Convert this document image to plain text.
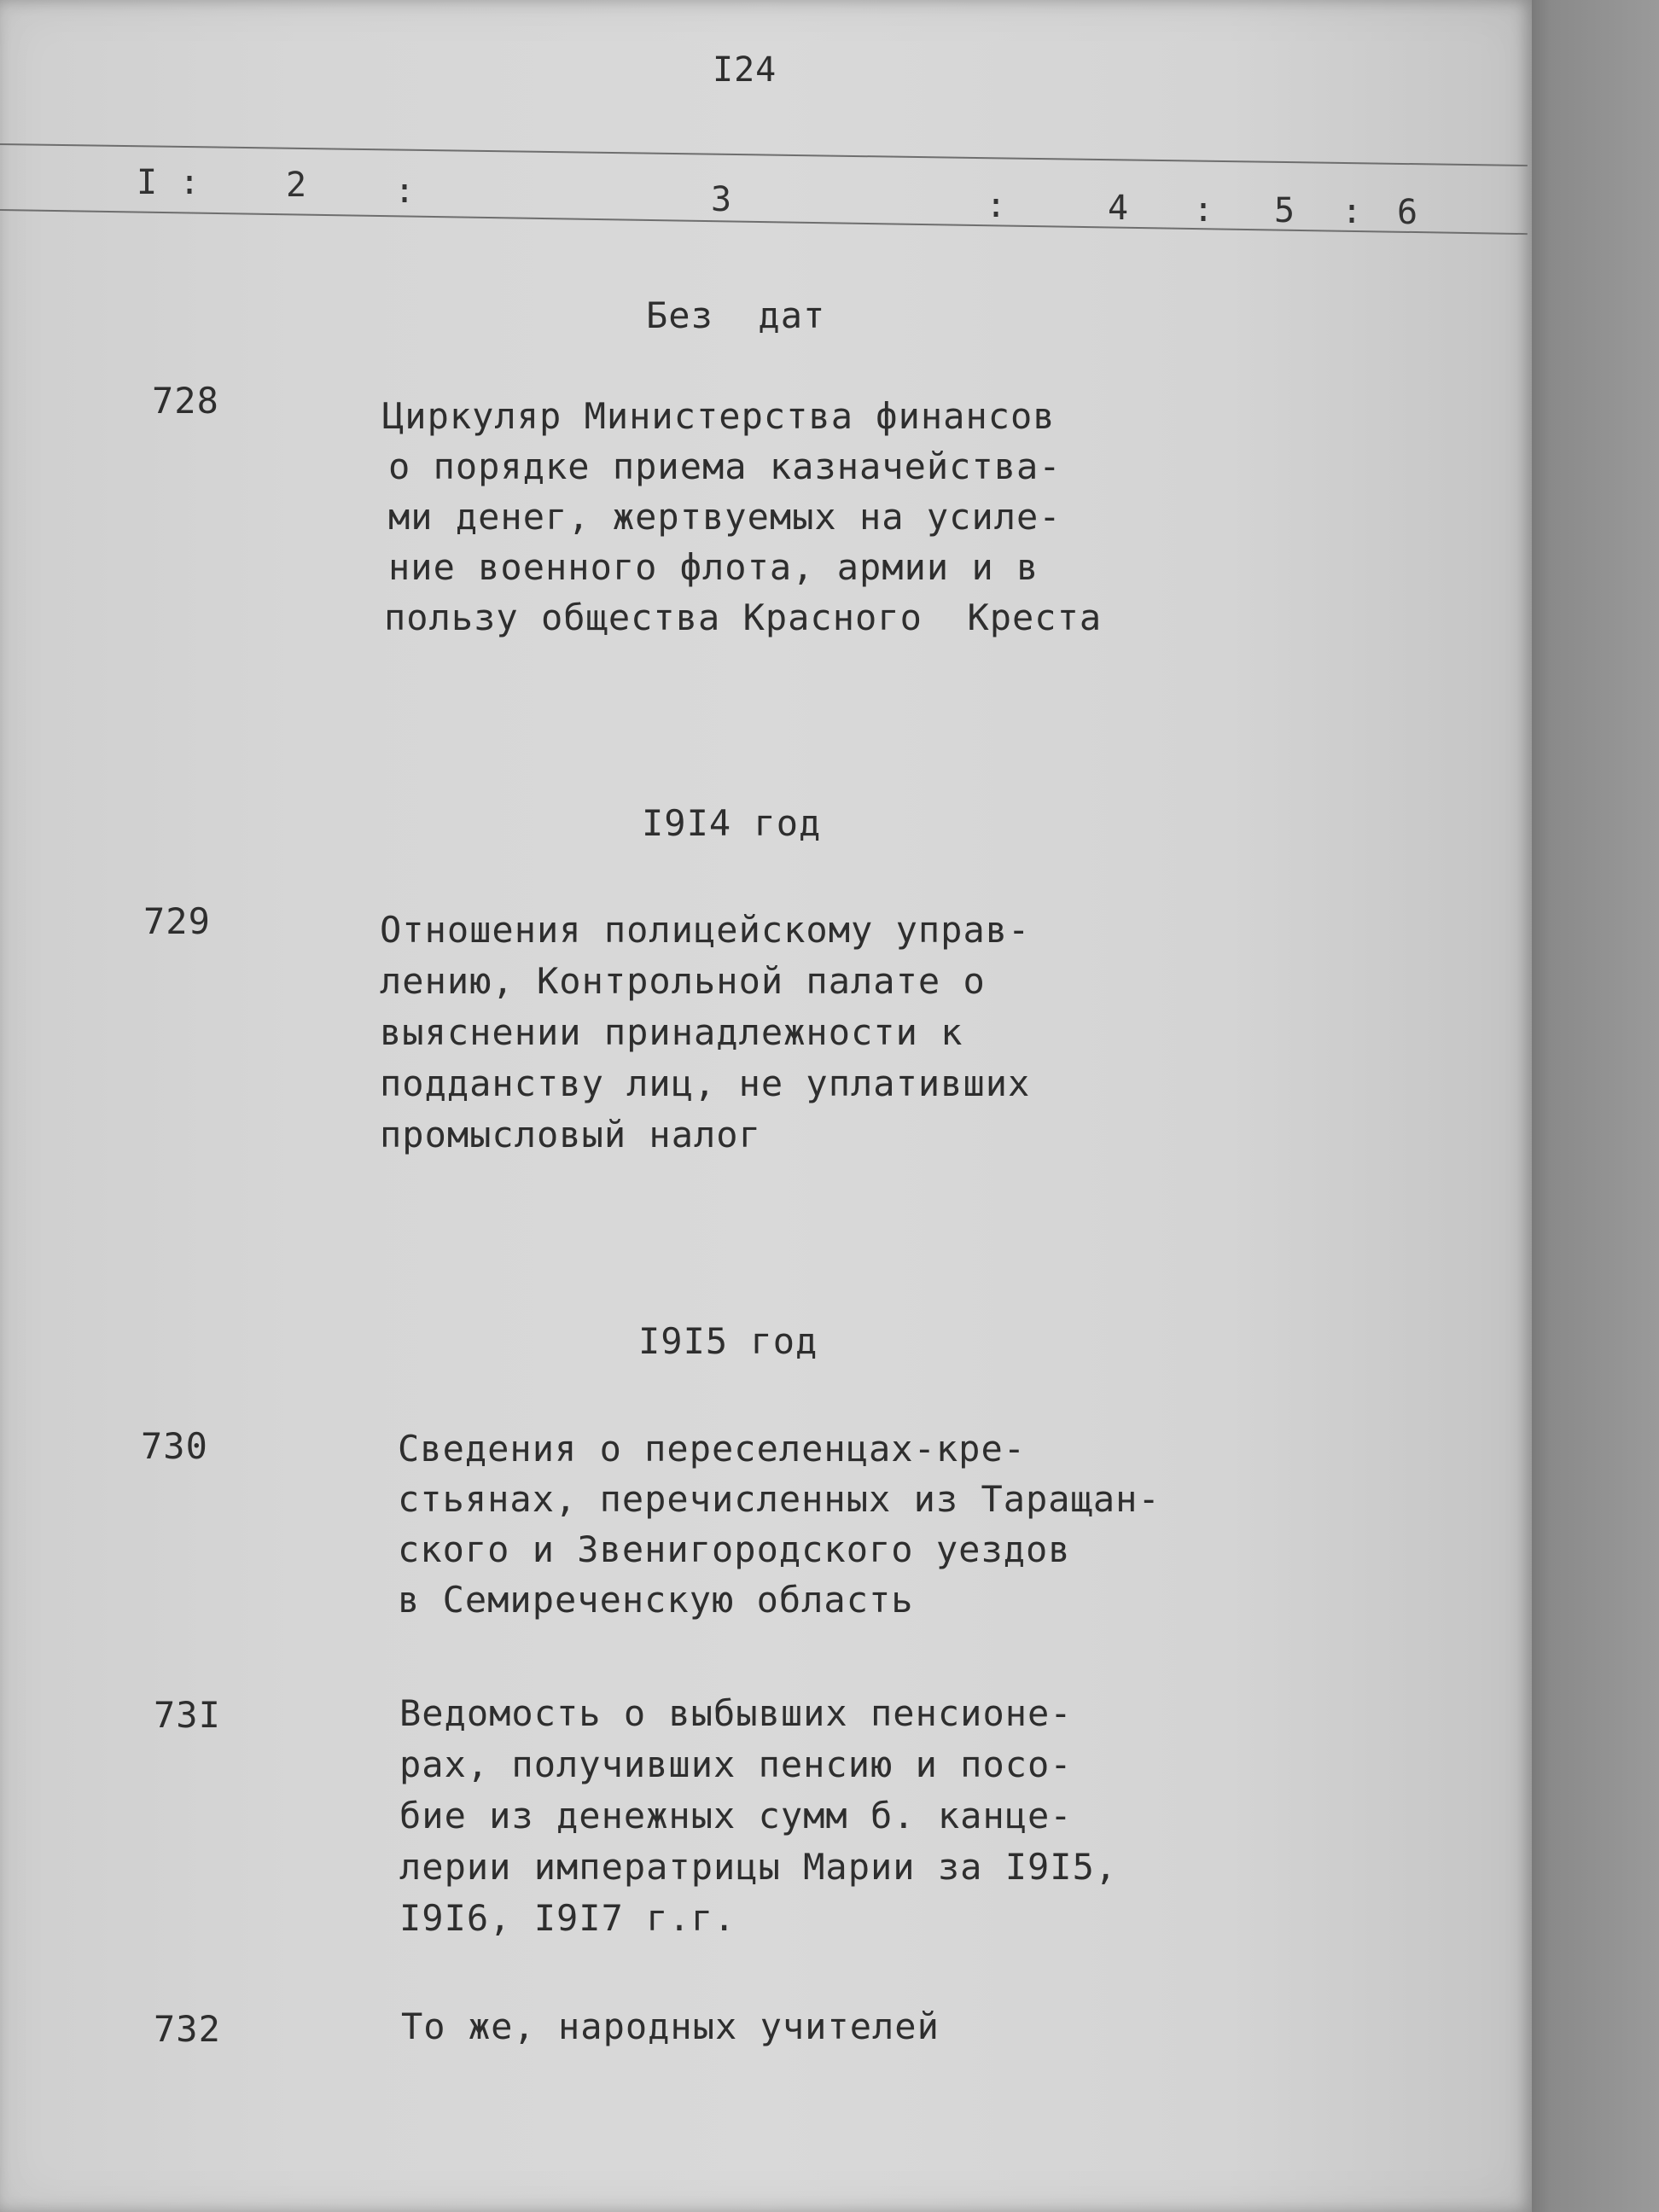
I24
I :	2	:	3	:	4 : 5 : 6
Без  дат
728	Циркуляр Министерства финансов
о порядке приема казначейства-
ми денег, жертвуемых на усиле-
ние военного флота, армии и в
пользу общества Красного  Креста
I9I4 год
729	Отношения полицейскому управ-
лению, Контрольной палате о
выяснении принадлежности к
подданству лиц, не уплативших
промысловый налог
I9I5 год
730	Сведения о переселенцах-кре-
стьянах, перечисленных из Таращан-
ского и Звенигородского уездов
в Семиреченскую область
73I	Ведомость о выбывших пенсионе-
рах, получивших пенсию и посо-
бие из денежных сумм б. канце-
лерии императрицы Марии за I9I5,
I9I6, I9I7 г.г.
732	То же, народных учителей
